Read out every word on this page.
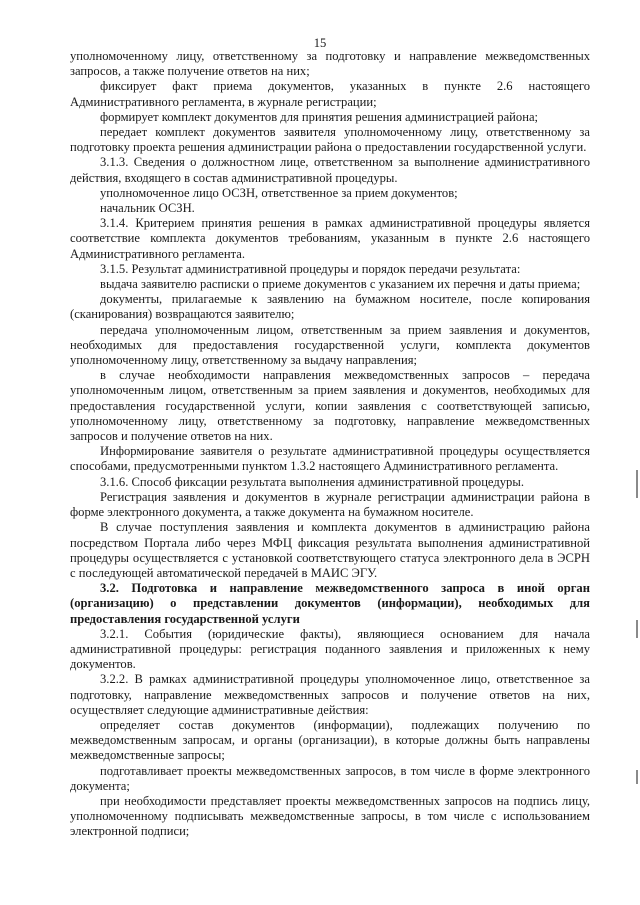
15

уполномоченному лицу, ответственному за подготовку и направление межведомственных запросов, а также получение ответов на них;

фиксирует факт приема документов, указанных в пункте 2.6 настоящего Административного регламента, в журнале регистрации;

формирует комплект документов для принятия решения администрацией района;

передает комплект документов заявителя уполномоченному лицу, ответственному за подготовку проекта решения администрации района о предоставлении государственной услуги.

3.1.3. Сведения о должностном лице, ответственном за выполнение административного действия, входящего в состав административной процедуры.

уполномоченное лицо ОСЗН, ответственное за прием документов;

начальник ОСЗН.

3.1.4. Критерием принятия решения в рамках административной процедуры является соответствие комплекта документов требованиям, указанным в пункте 2.6 настоящего Административного регламента.

3.1.5. Результат административной процедуры и порядок передачи результата:

выдача заявителю расписки о приеме документов с указанием их перечня и даты приема;

документы, прилагаемые к заявлению на бумажном носителе, после копирования (сканирования) возвращаются заявителю;

передача уполномоченным лицом, ответственным за прием заявления и документов, необходимых для предоставления государственной услуги, комплекта документов уполномоченному лицу, ответственному за выдачу направления;

в случае необходимости направления межведомственных запросов – передача уполномоченным лицом, ответственным за прием заявления и документов, необходимых для предоставления государственной услуги, копии заявления с соответствующей записью, уполномоченному лицу, ответственному за подготовку, направление межведомственных запросов и получение ответов на них.

Информирование заявителя о результате административной процедуры осуществляется способами, предусмотренными пунктом 1.3.2 настоящего Административного регламента.

3.1.6. Способ фиксации результата выполнения административной процедуры.

Регистрация заявления и документов в журнале регистрации администрации района в форме электронного документа, а также документа на бумажном носителе.

В случае поступления заявления и комплекта документов в администрацию района посредством Портала либо через МФЦ фиксация результата выполнения административной процедуры осуществляется с установкой соответствующего статуса электронного дела в ЭСРН с последующей автоматической передачей в МАИС ЭГУ.

3.2. Подготовка и направление межведомственного запроса в иной орган (организацию) о представлении документов (информации), необходимых для предоставления государственной услуги

3.2.1. События (юридические факты), являющиеся основанием для начала административной процедуры: регистрация поданного заявления и приложенных к нему документов.

3.2.2. В рамках административной процедуры уполномоченное лицо, ответственное за подготовку, направление межведомственных запросов и получение ответов на них, осуществляет следующие административные действия:

определяет состав документов (информации), подлежащих получению по межведомственным запросам, и органы (организации), в которые должны быть направлены межведомственные запросы;

подготавливает проекты межведомственных запросов, в том числе в форме электронного документа;

при необходимости представляет проекты межведомственных запросов на подпись лицу, уполномоченному подписывать межведомственные запросы, в том числе с использованием электронной подписи;
